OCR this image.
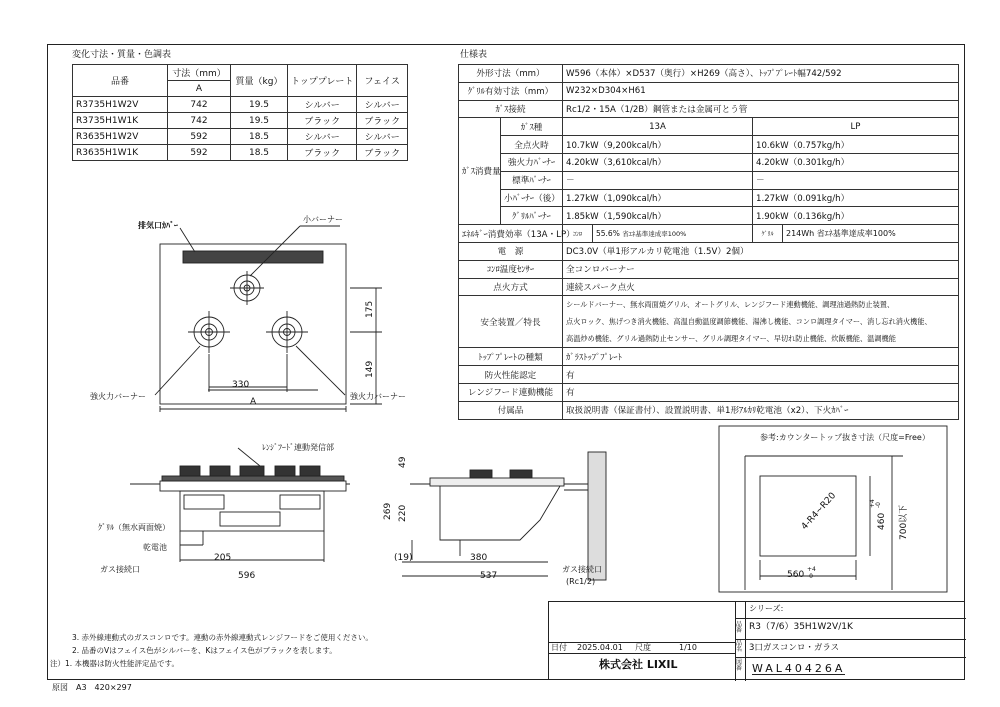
変化寸法・質量・色調表
品番	寸法（mm）	質量（kg）	トッププレート	フェイス
	A			
R3735H1W2V	742	19.5	シルバー	シルバー
R3735H1W1K	742	19.5	ブラック	ブラック
R3635H1W2V	592	18.5	シルバー	シルバー
R3635H1W1K	592	18.5	ブラック	ブラック
仕様表
外形寸法（mm）		W596（本体）×D537（奥行）×H269（高さ）、ﾄｯﾌﾟﾌﾟﾚｰﾄ幅742/592			
ｸﾞﾘﾙ有効寸法（mm）		W232×D304×H61			
ｶﾞｽ接続		Rc1/2・15A（1/2B）鋼管または金属可とう管			
ｶﾞｽ消費量	ｶﾞｽ種	13A		LP	
	全点火時	10.7kW（9,200kcal/h）		10.6kW（0.757kg/h）	
	強火力ﾊﾞｰﾅｰ	4.20kW（3,610kcal/h）		4.20kW（0.301kg/h）	
	標準ﾊﾞｰﾅｰ	－		－	
	小ﾊﾞｰﾅｰ（後）	1.27kW（1,090kcal/h）		1.27kW（0.091kg/h）	
	ｸﾞﾘﾙﾊﾞｰﾅｰ	1.85kW（1,590kcal/h）		1.90kW（0.136kg/h）	
ｴﾈﾙｷﾞｰ消費効率（13A・LP）		ｺﾝﾛ	55.6% 省ｴﾈ基準達成率100%	ｸﾞﾘﾙ	214Wh 省ｴﾈ基準達成率100%
電　源		DC3.0V（単1形アルカリ乾電池（1.5V）2個）			
ｺﾝﾛ温度ｾﾝｻｰ		全コンロバーナー			
点火方式		連続スパーク点火			
安全装置／特長		シールドバーナー、無水両面焼グリル、オートグリル、レンジフード連動機能、調理油過熱防止装置、
点火ロック、焦げつき消火機能、高温自動温度調節機能、湯沸し機能、コンロ調理タイマー、消し忘れ消火機能、
高温炒め機能、グリル過熱防止センサー、グリル調理タイマー、早切れ防止機能、炊飯機能、温調機能			

ﾄｯﾌﾟﾌﾟﾚｰﾄの種類		ｶﾞﾗｽﾄｯﾌﾟﾌﾟﾚｰﾄ			
防火性能認定		有			
レンジフード連動機能		有			
付属品		取扱説明書（保証書付）、設置説明書、単1形ｱﾙｶﾘ乾電池（x2）、下火ｶﾊﾞｰ			
330
A
175
149
排気口ｶﾊﾞｰ
小バーナー
強火力バーナー	強火力バーナー
ﾚﾝｼﾞﾌｰﾄﾞ連動発信部
ｸﾞﾘﾙ（無水両面焼）
乾電池
ガス接続口
205
596
49
269 220
(19)	380
537
ガス接続口
(Rc1/2)
参考:カウンタートップ抜き寸法（尺度=Free）
4-R4~R20	460
+4 -0 700以下
560
+4
-0
3. 赤外線連動式のガスコンロです。連動の赤外線連動式レンジフードをご使用ください。
2. 品番のVはフェイス色がシルバーを、Kはフェイス色がブラックを表します。
注）1. 本機器は防火性能評定品です。
原図　A3　420×297
シリーズ:
品番 R3（7/6）35H1W2V/1K
品名 3口ガスコンロ・ガラス
図番 WAL40426A
日付 2025.04.01 尺度	1/10
株式会社 LIXIL
